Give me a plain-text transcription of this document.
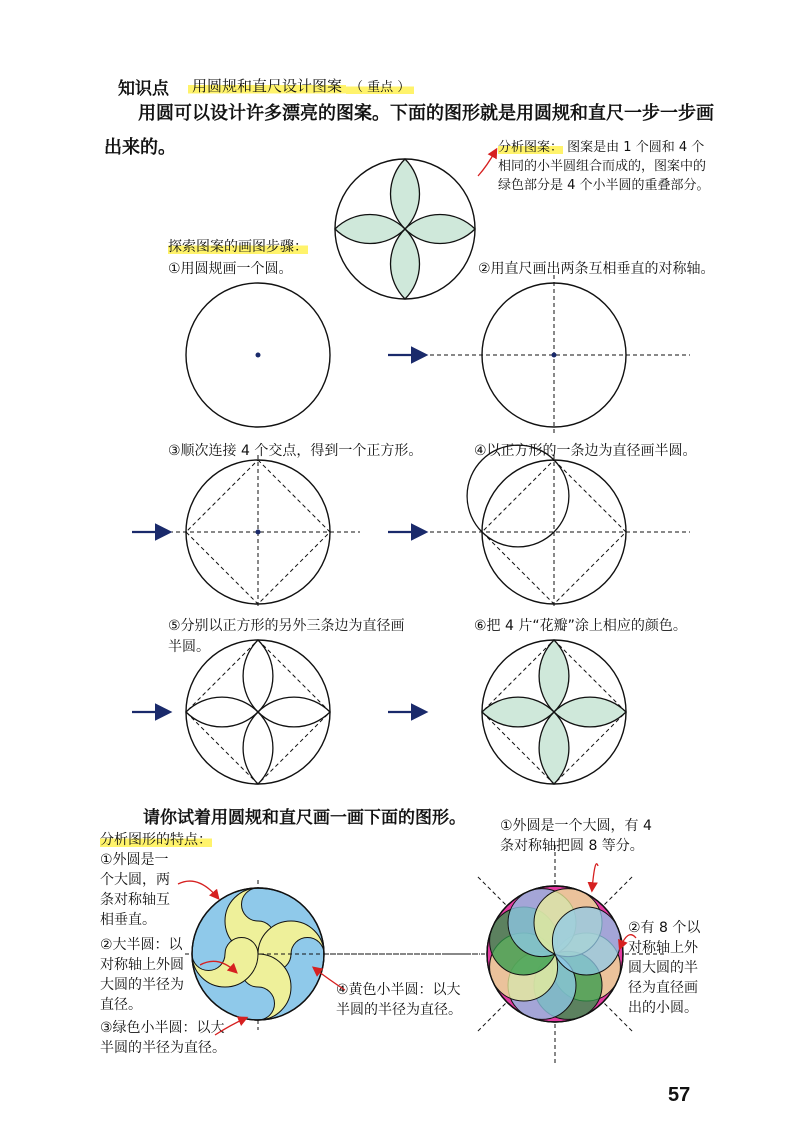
知识点 用圆规和直尺设计图案 （ 重点 ）
用圆可以设计许多漂亮的图案。下面的图形就是用圆规和直尺一步一步画
出来的。	分析图案： 图案是由 1 个圆和 4 个
相同的小半圆组合而成的，图案中的
绿色部分是 4 个小半圆的重叠部分。
探索图案的画图步骤：
①用圆规画一个圆。	②用直尺画出两条互相垂直的对称轴。
③顺次连接 4 个交点，得到一个正方形。	④以正方形的一条边为直径画半圆。
⑤分别以正方形的另外三条边为直径画
半圆。
⑥把 4 片“花瓣”涂上相应的颜色。
请你试着用圆规和直尺画一画下面的图形。
分析图形的特点：
①外圆是一
个大圆，两
条对称轴互
相垂直。
②大半圆：以
对称轴上外圆
大圆的半径为
直径。
③绿色小半圆：以大
半圆的半径为直径。
④黄色小半圆：以大
半圆的半径为直径。
①外圆是一个大圆，有 4
条对称轴把圆 8 等分。
②有 8 个以
对称轴上外
圆大圆的半
径为直径画
出的小圆。
57
